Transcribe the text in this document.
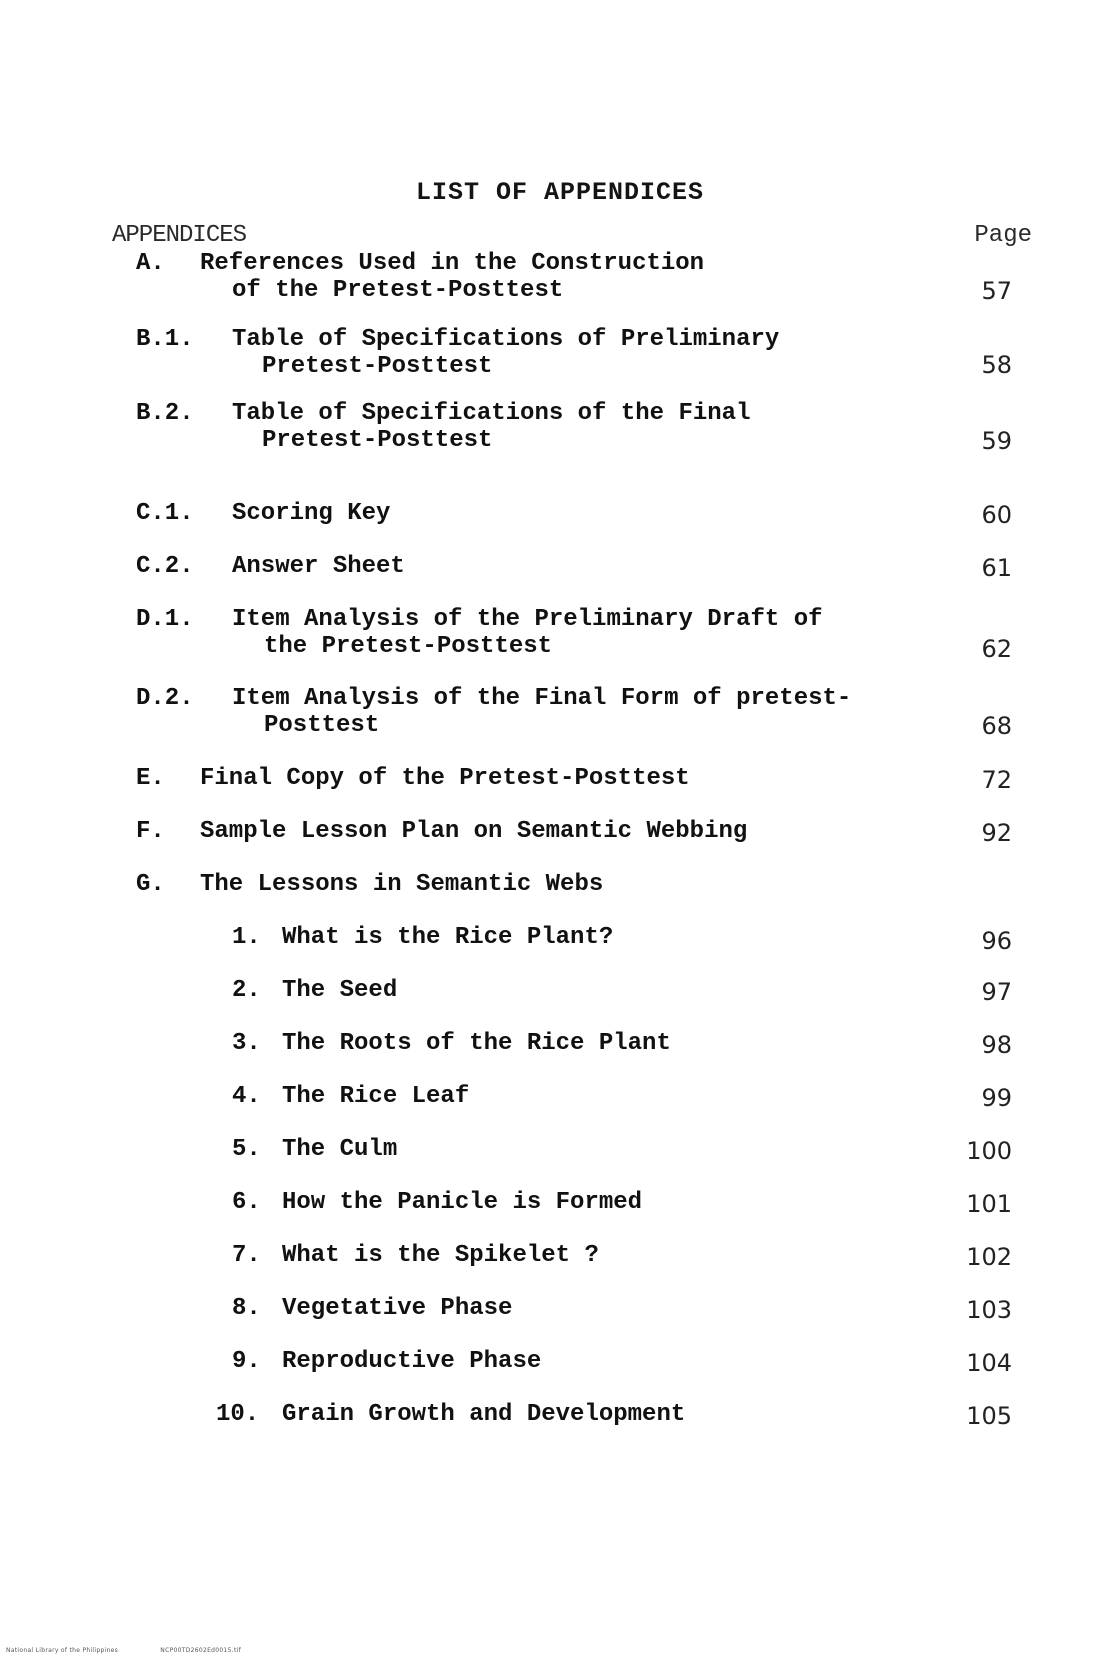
LIST OF APPENDICES
APPENDICES	Page
A. References Used in the Construction
of the Pretest-Posttest	57
B.1. Table of Specifications of Preliminary
Pretest-Posttest	58
B.2. Table of Specifications of the Final
Pretest-Posttest	59
C.1. Scoring Key	60
C.2. Answer Sheet	61
D.1. Item Analysis of the Preliminary Draft of
the Pretest-Posttest	62
D.2. Item Analysis of the Final Form of pretest-
Posttest	68
E. Final Copy of the Pretest-Posttest	72
F. Sample Lesson Plan on Semantic Webbing	92
G. The Lessons in Semantic Webs
1. What is the Rice Plant?	96
2. The Seed	97
3. The Roots of the Rice Plant	98
4. The Rice Leaf	99
5. The Culm	100
6. How the Panicle is Formed	101
7. What is the Spikelet ?	102
8. Vegetative Phase	103
9. Reproductive Phase	104
10. Grain Growth and Development	105
National Library of the Philippines	NCP00TD2602Ed0015.tif
